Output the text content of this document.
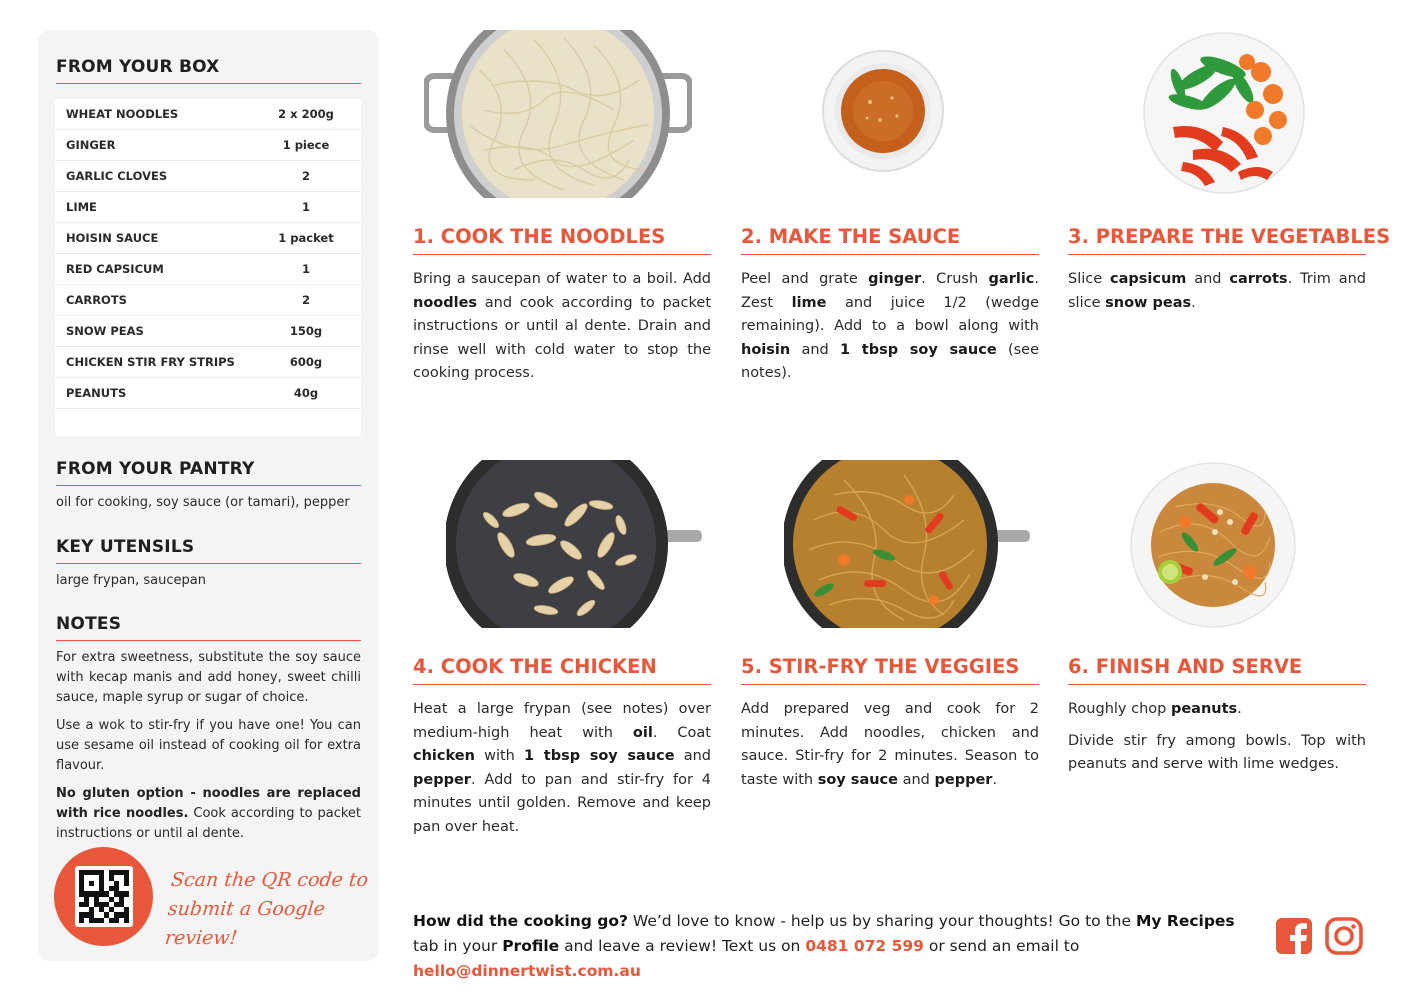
FROM YOUR BOX
WHEAT NOODLES	2 x 200g
GINGER	1 piece
GARLIC CLOVES	2
LIME	1
HOISIN SAUCE	1 packet
RED CAPSICUM	1
CARROTS	2
SNOW PEAS	150g
CHICKEN STIR FRY STRIPS	600g
PEANUTS	40g
FROM YOUR PANTRY
oil for cooking, soy sauce (or tamari), pepper
KEY UTENSILS
large frypan, saucepan
NOTES

For extra sweetness, substitute the soy sauce with kecap manis and add honey, sweet chilli sauce, maple syrup or sugar of choice.

Use a wok to stir-fry if you have one! You can use sesame oil instead of cooking oil for extra flavour.

No gluten option - noodles are replaced with rice noodles. Cook according to packet instructions or until al dente.

Scan the QR code to
submit a Google review!
1. COOK THE NOODLES

Bring a saucepan of water to a boil. Add noodles and cook according to packet instructions or until al dente. Drain and rinse well with cold water to stop the cooking process.

2. MAKE THE SAUCE

Peel and grate ginger. Crush garlic. Zest lime and juice 1/2 (wedge remaining). Add to a bowl along with hoisin and 1 tbsp soy sauce (see notes).

3. PREPARE THE VEGETABLES

Slice capsicum and carrots. Trim and slice snow peas.

4. COOK THE CHICKEN

Heat a large frypan (see notes) over medium-high heat with oil. Coat chicken with 1 tbsp soy sauce and pepper. Add to pan and stir-fry for 4 minutes until golden. Remove and keep pan over heat.

5. STIR-FRY THE VEGGIES

Add prepared veg and cook for 2 minutes. Add noodles, chicken and sauce. Stir-fry for 2 minutes. Season to taste with soy sauce and pepper.

6. FINISH AND SERVE

Roughly chop peanuts.

Divide stir fry among bowls. Top with peanuts and serve with lime wedges.

How did the cooking go? We’d love to know - help us by sharing your thoughts! Go to the My Recipes tab in your Profile and leave a review! Text us on 0481 072 599 or send an email to hello@dinnertwist.com.au
